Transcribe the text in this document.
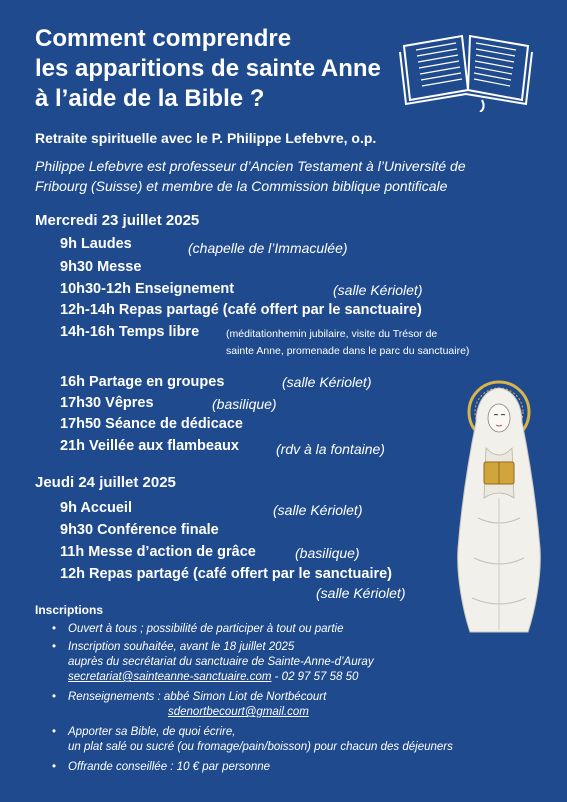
Comment comprendre
les apparitions de sainte Anne
à l’aide de la Bible ?
Retraite spirituelle avec le P. Philippe Lefebvre, o.p.
Philippe Lefebvre est professeur d’Ancien Testament à l’Université de
Fribourg (Suisse) et membre de la Commission biblique pontificale
Mercredi 23 juillet 2025
9h Laudes	(chapelle de l’Immaculée)
9h30 Messe
10h30-12h Enseignement	(salle Kériolet)
12h-14h Repas partagé (café offert par le sanctuaire)
14h-16h Temps libre	(méditationhemin jubilaire, visite du Trésor de
sainte Anne, promenade dans le parc du sanctuaire)
16h Partage en groupes	(salle Kériolet)
17h30 Vêpres	(basilique)
17h50 Séance de dédicace
21h Veillée aux flambeaux	(rdv à la fontaine)
Jeudi 24 juillet 2025
9h Accueil	(salle Kériolet)
9h30 Conférence finale
11h Messe d’action de grâce	(basilique)
12h Repas partagé (café offert par le sanctuaire)
(salle Kériolet)
Inscriptions
• Ouvert à tous ; possibilité de participer à tout ou partie
• Inscription souhaitée, avant le 18 juillet 2025
auprès du secrétariat du sanctuaire de Sainte-Anne-d’Auray
secretariat@sainteanne-sanctuaire.com - 02 97 57 58 50
• Renseignements : abbé Simon Liot de Nortbécourt
sdenortbecourt@gmail.com
• Apporter sa Bible, de quoi écrire,
un plat salé ou sucré (ou fromage/pain/boisson) pour chacun des déjeuners
• Offrande conseillée : 10 € par personne
